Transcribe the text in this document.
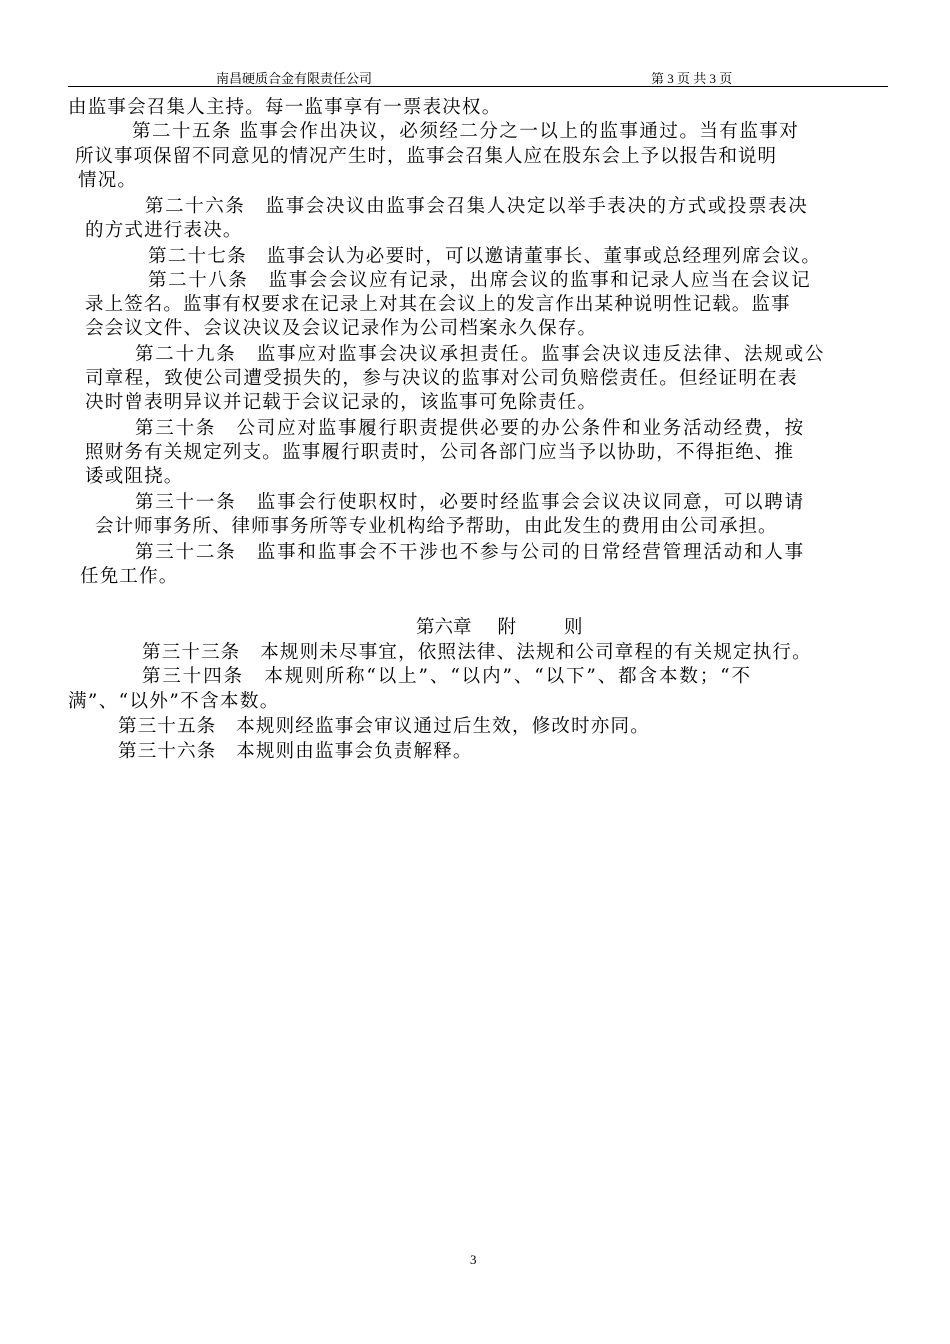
南昌硬质合金有限责任公司	第 3 页 共 3 页
由监事会召集人主持。每一监事享有一票表决权。
第二十五条 监事会作出决议，必须经二分之一以上的监事通过。当有监事对
所议事项保留不同意见的情况产生时，监事会召集人应在股东会上予以报告和说明
情况。
第二十六条　监事会决议由监事会召集人决定以举手表决的方式或投票表决
的方式进行表决。
第二十七条　监事会认为必要时，可以邀请董事长、董事或总经理列席会议。
第二十八条　监事会会议应有记录，出席会议的监事和记录人应当在会议记
录上签名。监事有权要求在记录上对其在会议上的发言作出某种说明性记载。监事
会会议文件、会议决议及会议记录作为公司档案永久保存。
第二十九条　监事应对监事会决议承担责任。监事会决议违反法律、法规或公
司章程，致使公司遭受损失的，参与决议的监事对公司负赔偿责任。但经证明在表
决时曾表明异议并记载于会议记录的，该监事可免除责任。
第三十条　公司应对监事履行职责提供必要的办公条件和业务活动经费，按
照财务有关规定列支。监事履行职责时，公司各部门应当予以协助，不得拒绝、推
诿或阻挠。
第三十一条　监事会行使职权时，必要时经监事会会议决议同意，可以聘请
会计师事务所、律师事务所等专业机构给予帮助，由此发生的费用由公司承担。
第三十二条　监事和监事会不干涉也不参与公司的日常经营管理活动和人事
任免工作。
第六章 附	则
第三十三条　本规则未尽事宜，依照法律、法规和公司章程的有关规定执行。
第三十四条　本规则所称“以上”、“以内”、“以下”、都含本数；“不
满”、“以外”不含本数。
第三十五条　本规则经监事会审议通过后生效，修改时亦同。
第三十六条　本规则由监事会负责解释。
3
